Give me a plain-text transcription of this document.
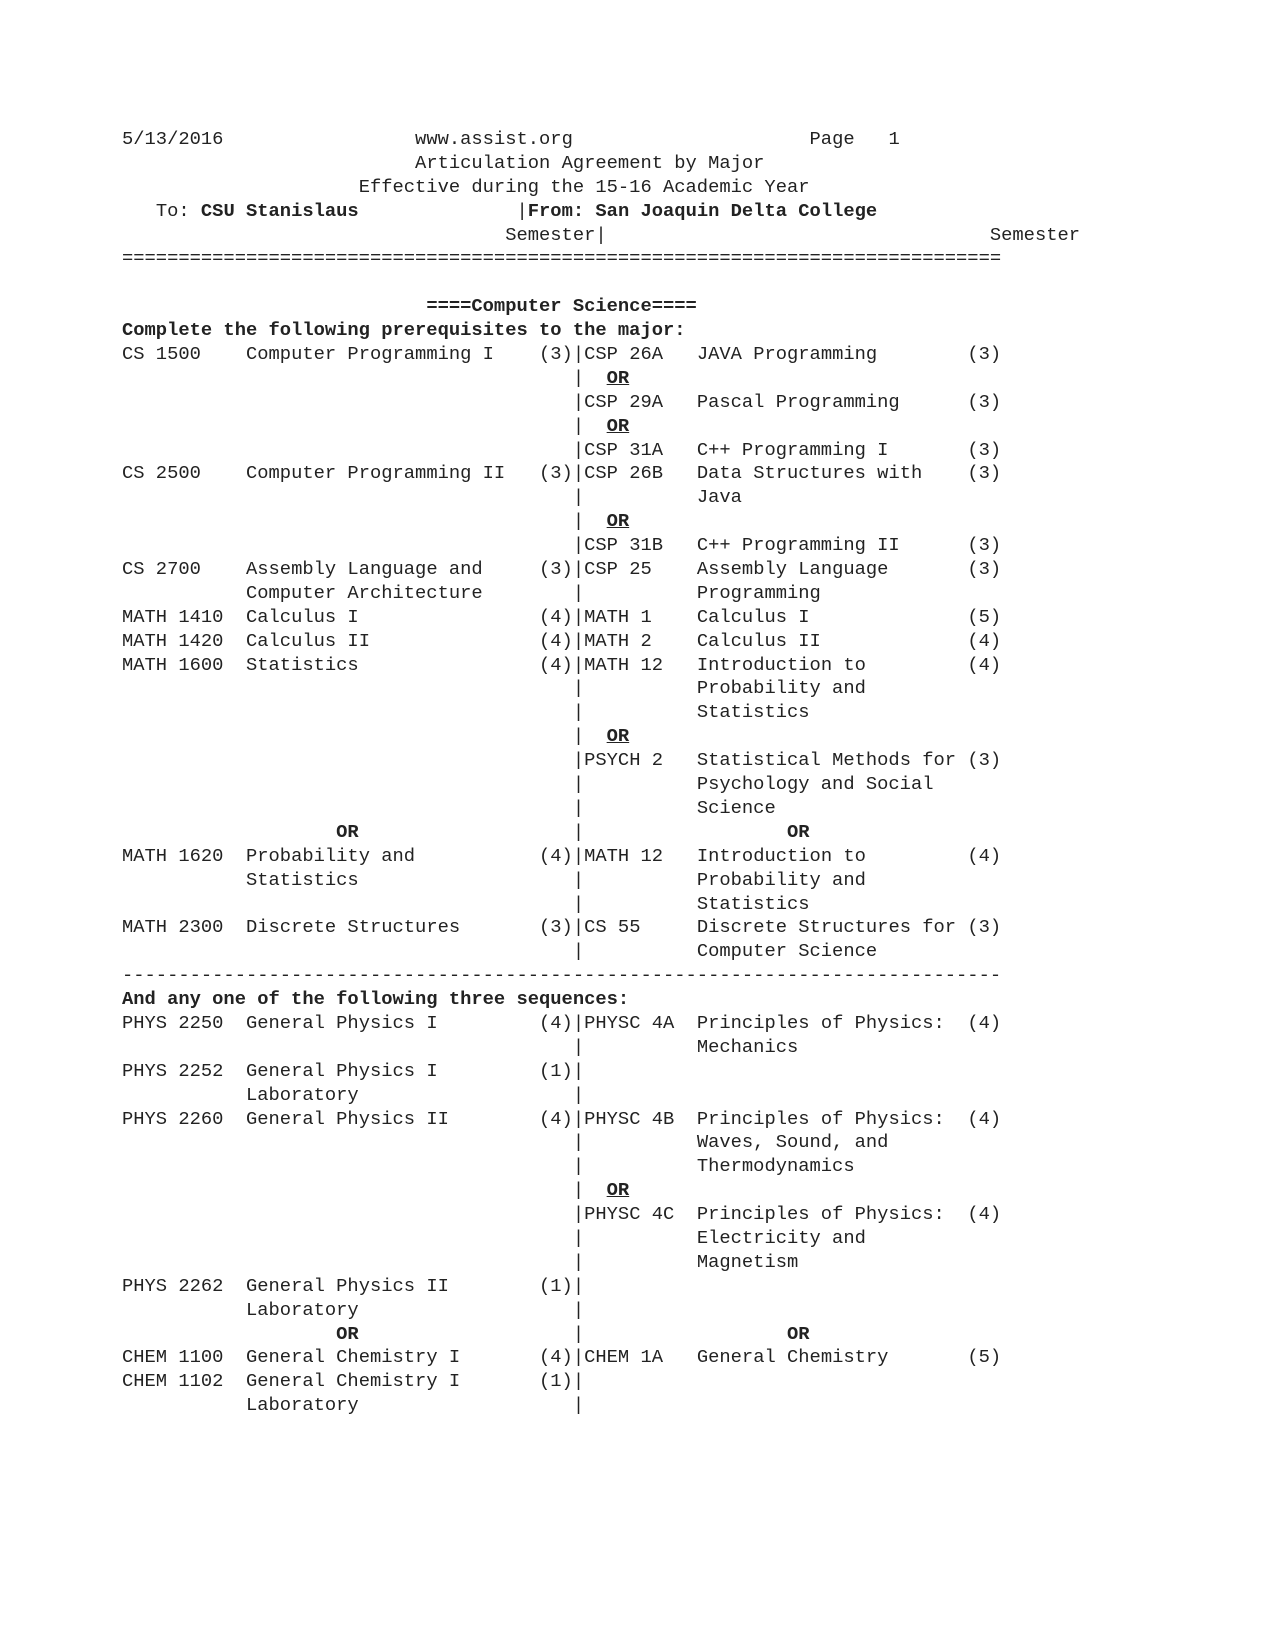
5/13/2016	www.assist.org	Page 1
Articulation Agreement by Major
Effective during the 15-16 Academic Year
To: CSU Stanislaus              |From: San Joaquin Delta College
Semester|                                  Semester
==============================================================================

====Computer Science====
Complete the following prerequisites to the major:
CS 1500    Computer Programming I    (3)|CSP 26A   JAVA Programming        (3)
|  OR
|CSP 29A   Pascal Programming      (3)
|  OR
|CSP 31A   C++ Programming I       (3)
CS 2500    Computer Programming II   (3)|CSP 26B   Data Structures with    (3)
|          Java
|  OR
|CSP 31B   C++ Programming II      (3)
CS 2700    Assembly Language and     (3)|CSP 25    Assembly Language       (3)
Computer Architecture        |          Programming
MATH 1410  Calculus I                (4)|MATH 1    Calculus I              (5)
MATH 1420  Calculus II               (4)|MATH 2    Calculus II             (4)
MATH 1600  Statistics                (4)|MATH 12   Introduction to         (4)
|          Probability and
|          Statistics
|  OR
|PSYCH 2   Statistical Methods for (3)
|          Psychology and Social
|          Science
OR                   |                  OR
MATH 1620  Probability and           (4)|MATH 12   Introduction to         (4)
Statistics                   |          Probability and
|          Statistics
MATH 2300  Discrete Structures       (3)|CS 55     Discrete Structures for (3)
|          Computer Science
------------------------------------------------------------------------------
And any one of the following three sequences:
PHYS 2250  General Physics I         (4)|PHYSC 4A  Principles of Physics:  (4)
|          Mechanics
PHYS 2252  General Physics I         (1)|
Laboratory                   |
PHYS 2260  General Physics II        (4)|PHYSC 4B  Principles of Physics:  (4)
|          Waves, Sound, and
|          Thermodynamics
|  OR
|PHYSC 4C  Principles of Physics:  (4)
|          Electricity and
|          Magnetism
PHYS 2262  General Physics II        (1)|
Laboratory                   |
OR                   |                  OR
CHEM 1100  General Chemistry I       (4)|CHEM 1A   General Chemistry       (5)
CHEM 1102  General Chemistry I       (1)|
Laboratory                   |
